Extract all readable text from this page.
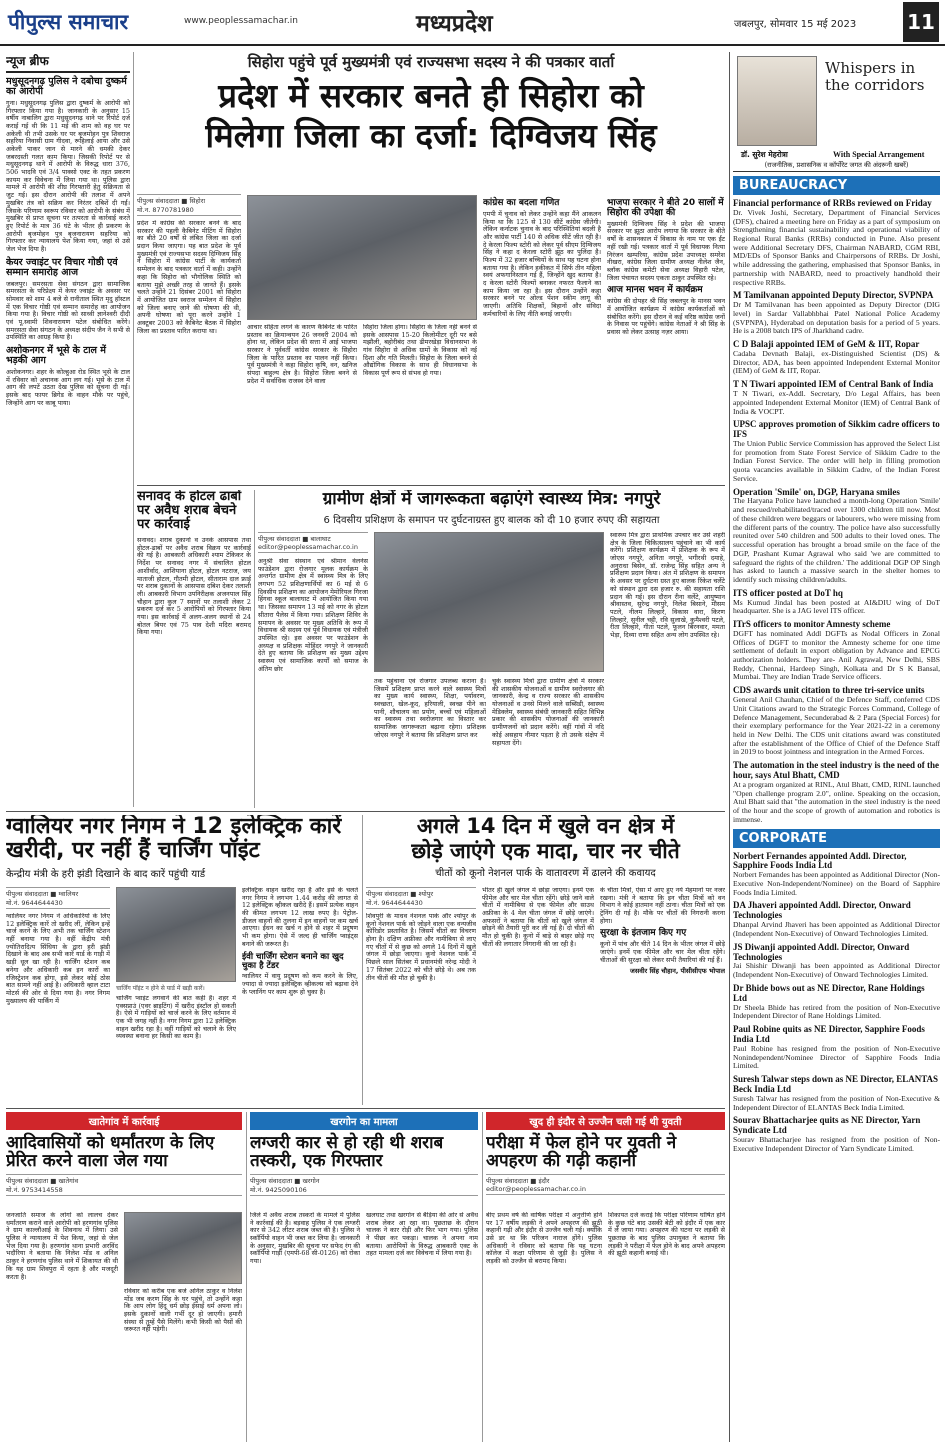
पीपुल्स समाचार	www.peoplessamachar.in	मध्यप्रदेश	जबलपुर, सोमवार 15 मई 2023	11
न्यूज ब्रीफ
मधुसूदनगढ़ पुलिस ने दबोचा दुष्कर्म का आरोपी
गुना। मधुसूदनगढ़ पुलिस द्वारा दुष्कर्म के आरोपी को गिरफ्तार किया गया है। जानकारी के अनुसार 15 वर्षीय नाबालिग द्वारा मधुसूदनगढ़ थाने पर रिपोर्ट दर्ज कराई गई थी कि 11 मई की शाम को वह घर पर अकेली थी तभी उसके घर पर बृजमोहन पुत्र शिवराज सहरिया निवासी ग्राम गीदवा, रूहिलाई आया और उसे अकेली पाकर जान से मारने की धमकी देकर जबरदस्ती गलत काम किया। जिसकी रिपोर्ट पर से मधुसूदनगढ़ थाने में आरोपी के विरुद्ध धारा 376, 506 भादवि एवं 3/4 पाक्सो एक्ट के तहत प्रकरण कायम कर विवेचना में लिया गया था। पुलिस द्वारा मामले में आरोपी की शीघ्र गिरफ्तारी हेतु सक्रियता से जुट गई। इस दौरान आरोपी की तलाश में अपने मुखबिर तंत्र को सक्रिय कर निरंतर दबिशें दी गईं। जिसके परिणाम स्वरूप रविवार को आरोपी के संबंध में मुखबिर से प्राप्त सूचना पर तत्परता से कार्रवाई करते हुए रिपोर्ट के मात्र 36 घंटे के भीतर ही प्रकरण के आरोपी बृजमोहन पुत्र बृजनारायण सहरिया को गिरफ्तार कर न्यायालय पेश किया गया, जहां से उसे जेल भेज दिया है।
केयर ज्वाइंट पर विचार गोष्ठी एवं सम्मान समारोह आज
जबलपुर। समरसता सेवा संगठन द्वारा सामाजिक समरसता के परिप्रेक्ष्य में केयर ज्वाइंट के अवसर पर सोमवार को शाम 4 बजे से रानीताल स्थित मृदु हॉस्टल में एक विचार गोष्ठी एवं सम्मान समारोह का आयोजन किया गया है। विचार गोष्ठी को साध्वी ज्ञानेश्वरी दीदी एवं पू.स्वामी शिवनारायण पटेल संबोधित करेंगे। समरसता सेवा संगठन के अध्यक्ष संदीप जैन ने सभी से उपस्थिति का आग्रह किया है।
अशोकनगर में भूसे के टाल में भड़की आग
अशोकनगर। शहर के कोल्हुआ रोड स्थित भूसे के टाल में रविवार को अचानक आग लग गई। भूसे के टाल में आग की लपटें उठता देख पुलिस को सूचना दी गई। इसके बाद फायर ब्रिगेड के वाहन मौके पर पहुंचे, जिन्होंने आग पर काबू पाया।
सिहोरा पहुंचे पूर्व मुख्यमंत्री एवं राज्यसभा सदस्य ने की पत्रकार वार्ता
प्रदेश में सरकार बनते ही सिहोरा को
मिलेगा जिला का दर्जा: दिग्विजय सिंह
पीपुल्स संवाददाता ■ सिहोरा
मो.न. 8770781980
प्रदेश में कांग्रेस की सरकार बनने के बाद सरकार की पहली कैबिनेट मीटिंग में सिहोरा का बीते 20 वर्षों से लंबित जिला का दर्जा प्रदान किया जाएगा। यह बात प्रदेश के पूर्व मुख्यमंत्री एवं राज्यसभा सदस्य दिग्विजय सिंह ने सिहोरा में कांग्रेस पार्टी के कार्यकर्ता सम्मेलन के बाद पत्रकार वार्ता में कही। उन्होंने कहा कि सिहोरा को भौगोलिक स्थिति को बताया मुझे अच्छी तरह से जानते हैं। इसके चलते उन्होंने 21 दिसंबर 2001 को सिहोरा में आयोजित ग्राम स्वराज सम्मेलन में सिहोरा को जिला बनाए जाने की घोषणा की थी, अपनी घोषणा को पूरा करने उन्होंने 1 अक्टूबर 2003 को कैबिनेट बैठक में सिहोरा जिला का प्रस्ताव पारित कराया था।	आचार संहिता लगने के कारण कैबिनेट के पारित प्रस्ताव का क्रियान्वयन 26 जनवरी 2004 को होना था, लेकिन प्रदेश की सत्ता में आई भाजपा सरकार ने पूर्ववर्ती कांग्रेस सरकार के सिहोरा जिला के पारित प्रस्ताव का पालन नहीं किया। पूर्व मुख्यमंत्री ने कहा सिहोरा कृषि, वन, खनिज संपदा बाहुल्य क्षेत्र है। सिहोरा जिला बनने से प्रदेश में सर्वाधिक राजस्व देने वाला
सिहोरा जिला होगा। सिहोरा के जिला नहीं बनने से इसके आसपास 15-20 किलोमीटर दूरी पर बसे मझौली, बहोरीबंद तथा ढीमरखेड़ा विधानसभा के गांव सिहोरा से अधिक ग्रामों के विकास को नई दिशा और गति मिलती। सिहोरा के जिला बनने से औद्योगिक विकास के साथ ही विधानसभा के विकास पूर्ण रूप से संभव हो गया।
कांग्रेस का बदला गणित
एमपी में चुनाव को लेकर उन्होंने कहा मैंने आकलन किया था कि 125 से 130 सीटें कांग्रेस जीतेगी। लेकिन कर्नाटक चुनाव के बाद परिस्थितियां बदली है और कांग्रेस पार्टी 140 से अधिक सीटें जीत रही है। दे केरला फिल्म स्टोरी को लेकर पूर्व सीएम दिग्विजय सिंह ने कहा द केरला स्टोरी झूठ का पुलिंदा है। फिल्म में 32 हजार बच्चियों के साथ यह घटना होना बताया गया है। लेकिन हकीकत में सिर्फ तीन महिला स्वयं अफगानिस्तान गई हैं, जिन्होंने खुद बताया है। द केरला स्टोरी फिल्मों बनाकर नफरत फैलाने का काम किया जा रहा है। इस दौरान उन्होंने कहा सरकार बनने पर ओल्ड पेंशन स्कीम लागू की जाएगी। अतिथि शिक्षकों, बिहानों और संविदा कर्मचारियों के लिए नीति बनाई जाएगी।
भाजपा सरकार ने बीते 20 सालों में सिहोरा की उपेक्षा की
मुख्यमंत्री दिग्विजय सिंह ने प्रदेश की भाजपा सरकार पर झूठा आरोप लगाया कि सरकार के बीते वर्षों के शासनकाल में विकास के नाम पर एक ईंट नहीं रखी गई। पत्रकार वार्ता में पूर्व विधायक नित्या निरंजन खम्परिया, कांग्रेस प्रदेश उपाध्यक्ष समरेश नीखरा, कांग्रेस जिला ग्रामीण अध्यक्ष नीलेश जैन, ब्लॉक कांग्रेस कमेटी सेवा अध्यक्ष विहारी पटेल, जिला पंचायत सदस्य एकता ठाकुर उपस्थित रहे।
आज मानस भवन में कार्यक्रम
कांग्रेस की दोपहर श्री सिंह जबलपुर के मानस भवन में आयोजित कार्यक्रम में कांग्रेस कार्यकर्ताओं को संबोधित करेंगे। इस दौरान वे कई वरिष्ठ कांग्रेस जनों के निवास पर पहुंचेंगे। कांग्रेस नेताओं ने श्री सिंह के प्रवास को लेकर उत्साह नज़र आया।
सनावद के होटल ढाबों पर अवैध शराब बेचने पर कार्रवाई
सनावद। शराब दुकानों व उनके आसपास तथा होटल-ढाबों पर अवैध शराब विक्रय पर कार्रवाई की गई है। आबकारी अधिकारी श्याम टेकिकर के निर्देश पर सनावद नगर में संचालित होटल आशीर्वाद, आशियाना होटल, होटल नटराज, जय माताजी होटल, गौतमी होटल, सीताराम दाल फ्राई पर शराब दुकानों के आसपास दबिश देकर तलाशी ली। आबकारी विभाग उपनिरीक्षक अजनपाल सिंह चौहान द्वारा कुल 7 स्थानों पर तलाशी लेकर 2 प्रकरण दर्ज कर 5 आरोपियों को गिरफ्तार किया गया। इस कार्रवाई में अलग-अलग स्थानों से 24 बोतल बियर एवं 75 पाव देशी मदिरा बरामद किया गया।
ग्रामीण क्षेत्रों में जागरूकता बढ़ाएंगे स्वास्थ्य मित्र: नगपुरे
6 दिवसीय प्रशिक्षण के समापन पर दुर्घटनाग्रस्त हुए बालक को दी 10 हजार रुपए की सहायता
पीपुल्स संवाददाता ■ बालाघाट
editor@peoplessamachar.co.in
अनुश्री सेवा संस्थान एवं श्रीमान वेलनेस फाउंडेशन द्वारा रोजगार मूलक कार्यक्रम के अन्तर्गत ग्रामीण क्षेत्र में स्वास्थ्य मित्र के लिए लगभग 52 प्रशिक्षणार्थियों का 6 मई से 6 दिवसीय प्रशिक्षण का आयोजन मेमोरियल गिरजा हिंगवा स्कूल बालाघाट में आयोजित किया गया था। जिसका समापन 13 मई को नगर के होटल सीतारा पैलेस में किया गया। प्रशिक्षण शिविर के समापन के अवसर पर मुख्य अतिथि के रूप में विधायक श्री सदस्य एवं पूर्व विधायक एवं मंत्रीजी उपस्थित रहे। इस अवसर पर फाउंडेशन के अध्यक्ष व प्रशिक्षक मोहिंदर नगपुरे ने जानकारी देते हुए बताया कि प्रशिक्षण का मुख्य उद्देश्य स्वास्थ्य एवं सामाजिक कार्यों को समाज के अंतिम छोर
तक पहुंचाना एवं रोजगार उपलब्ध कराना है। जिसमें प्रशिक्षण प्राप्त करने वाले स्वास्थ्य मित्रों का मुख्य कार्य स्वास्थ्य, शिक्षा, पर्यावरण, स्वच्छता, खेल-कूद, हरियाली, स्वच्छ पीने का पानी, शौचालय का प्रयोग, बच्चों एवं महिलाओं का स्वास्थ्य तथा स्वरोजगार का विस्तार कर सामाजिक जागरूकता बढ़ाना रहेगा। प्रशिक्षक जोएस नगपुरे ने बताया कि प्रशिक्षण प्राप्त कर
चुके स्वास्थ्य मित्रों द्वारा ग्रामीण क्षेत्रों में सरकार की शासकीय योजनाओं व ग्रामीण स्वरोजगार की जानकारी, केन्द्र व राज्य सरकार की शासकीय योजनाओं व उनसे मिलने वाले सब्सिडी, स्वास्थ्य मेडिक्लेम, स्वास्थ्य संबंधी जानकारी सहित विभिन्न प्रकार की शासकीय योजनाओं की जानकारी ग्रामीणजनों को प्रदान करेंगे। वहीं गांवों में नदि कोई असहाय नीमार पड़ता है तो उसके संक्षेप में सहायता देंगे।
स्वास्थ्य मित्र द्वारा प्राथमिक उपचार कर उसे शहरी क्षेत्र के जिला चिकित्सालय पहुंचाने का भी कार्य करेंगे। प्रशिक्षण कार्यक्रम में प्रशिक्षक के रूप में जोएस नगपुरे, अनिता नगपुरे, भगीरथी दमाहे, अनुराधा बिसेन, डॉ. राजेन्द्र सिंह सहित अन्य ने प्रशिक्षण प्रदान किया। अंत में प्रशिक्षण के समापन के अवसर पर दुर्घटना ग्रस्त हुए बालक रिंकेश चर्लेटे को संस्थान द्वारा दस हजार रु. की सहायता राशि प्रदान की गई। इस दौरान रीना वर्लेटे, आयुष्मान श्रीवास्तव, सुरेन्द्र नगपुरे, निलेश बिसाने, मौसम पटले, नीलम लिल्हारे, विकास वारा, किरण लिल्हारे, सुनील चट्टी, रवि सुलाखे, कुमैश्वरी पटले, रीता लिल्हारे, गीता पटले, फूलन बिरनवार, ममता भेड़ा, दिव्या राणा सहित अन्य लोग उपस्थित रहे।
ग्वालियर नगर निगम ने 12 इलेक्ट्रिक कारें खरीदी, पर नहीं हैं चार्जिंग पॉइंट
केन्द्रीय मंत्री के हरी झंडी दिखाने के बाद कारें पहुंची यार्ड
पीपुल्स संवाददाता ■ ग्वालियर
मो.नं. 9644644430
ग्वालियर नगर निगम ने अधिकारियों के लिए 12 इलेक्ट्रिक कारें तो खरीद लीं, लेकिन इन्हें चार्ज करने के लिए अभी तक चार्जिंग स्टेशन नहीं बनाया गया है। वहीं केंद्रीय मंत्री ज्योतिरादित्य सिंधिया के द्वारा हरी झंडी दिखाने के बाद अब सभी कारें यार्ड के गाड़ी में खड़ी धूल खा रही है। चार्जिंग स्टेशन कब बनेगा और अधिकारी कब इन कारों का रजिस्ट्रेशन कब होगा, इसे लेकर कोई ठोस बात सामने नहीं आई है। अधिकारी व्हाल टाटा मोटर्स की ओर से दिया गया है। नगर निगम मुख्यालय की पार्किंग में
चार्जिंग पॉइंट न होने से यार्ड में खड़ी कारें।
चार्जिंग प्वाइंट लगवाने की बात कही है। शहर में एक्सप्राउं (एवर ब्राइटिंग) में खरीद इंस्टॉल हो सकती है। ऐसे में गाड़ियों को चार्ज करने के लिए वर्तमान में एक भी जगह नहीं है। नगर निगम द्वारा 12 इलेक्ट्रिक वाहन खरीद रहा है। वहीं गाड़ियों को चलाने के लिए व्यवस्था बनाना हर किसी का काम है।
इलेक्ट्रिक वाहन खरीद रहा है और इसे के चलते नगर निगम ने लगभग 1.44 करोड़ की लागत से 12 इलेक्ट्रिक व्हीकल खरीदे हैं। इसमें प्रत्येक वाहन की कीमत लगभग 12 लाख रुपए है। पेट्रोल-डीजल वाहनों की तुलना में इन वाहनों पर कम खर्च आएगा। ईंधन का खर्च न होने से शहर में प्रदूषण भी कम होगा। ऐसे में जल्द ही चार्जिंग प्वाइंट्स बनाने की जरूरत है।
ईवी चार्जिंग स्टेशन बनाने का खुद चुका है टेंडर
ग्वालियर में वायु प्रदूषण को कम करने के लिए, ज्यादा से ज्यादा इलेक्ट्रिक व्हीकल्स को बढ़ावा देने के प्लानिंग पर काम शुरू हो चुका है।
अगले 14 दिन में खुले वन क्षेत्र में
छोड़े जाएंगे एक मादा, चार नर चीते
चीतों को कूनो नेशनल पार्क के वातावरण में ढालने की कवायद
पीपुल्स संवाददाता ■ श्योपुर
मो.नं. 9644644430
शिवपुरी के माधव नेशनल पार्क और श्योपुर के कूनो नेशनल पार्क को जोड़ने वाला एक वन्यजीव कॉरिडोर प्रस्तावित है। जिसमें चीतों का विचरण होना है। दक्षिण अफ्रीका और नामीबिया से लाए गए चीतों में से कुछ को अगले 14 दिनों में खुले जंगल में छोड़ा जाएगा। कूनो नेशनल पार्क में पिछले साल सितंबर में प्रधानमंत्री नरेन्द्र मोदी ने 17 सितंबर 2022 को चीते छोड़े थे। अब तक तीन चीतों की मौत हो चुकी है।
भीतर ही खुले जंगल में छोड़ा जाएगा। इनमें एक फीमेल और चार मेल चीता रहेंगे। छोड़े जाने वाले चीतों में नामीबिया से एक फीमेल और साउथ अफ्रीका के 4 मेल चीता जंगल में छोड़े जाएंगे। अफसरों ने बताया कि चीतों को खुले जंगल में छोड़ने की तैयारी पूरी कर ली गई है। दो चीतों की मौत हो चुकी है। कूनो में बाड़े से बाहर छोड़े गए चीतों की लगातार निगरानी की जा रही है।
के चीता मित्रों, ऐसा में आए हुए नये मेहमानों पर नजर रखना। मंत्री ने बताया कि इन चीता मित्रों को वन विभाग ने कोई हातमान नहीं ठाना। चीता मित्रों को एक ट्रेनिंग दी गई है। मौके पर चीतों की निगरानी करना होगा।
सुरक्षा के इंतजाम किए गए
कूनो में पांच और चीते 14 दिन के भीतर जंगल में छोड़े जाएंगे। इनमें एक फीमेल और चार मेल चीता रहेंगे। चीताओं की सुरक्षा को लेकर सभी तैयारियां की गई हैं।
जसवीर सिंह चौहान, पीसीसीएफ भोपाल
खातेगांव में कार्रवाई
आदिवासियों को धर्मांतरण के लिए प्रेरित करने वाला जेल गया
पीपुल्स संवाददाता ■ खातेगांव
मो.नं. 9753414558
जनजाति समाज के लोगों को लालच देकर धर्मांतरण कराने वाले आरोपी को हरणगांव पुलिस ने ग्राम काल्लौआई के शिवनाथ में लिया। उसे पुलिस ने न्यायालय में पेश किया, जहां से जेल भेज दिया गया है। हरणगांव थाना प्रभारी अरविंद भदौरिया ने बताया कि निलेश मोंड व अनिल ठाकुर ने हरणगांव पुलिस थाने में शिकायत की थी कि यह ग्राम शिवपुरा में रहता है और मजदूरी करता है।
रविवार को करीब एक बजे अनिल ठाकुर व निलेश मोंड जब करण सिंह के घर पहुंचे, तो उन्होंने कहा कि आप लोग हिंदू धर्म छोड़ ईसाई धर्म अपना लो। इसके दुकानों वाली गर्भी दूर हो जाएगी। हमारी संस्था से तुम्हें पैसे मिलेंगे। कभी किसी को पैसों की जरूरत नहीं पड़ेगी।
खरगोन का मामला
लग्जरी कार से हो रही थी शराब तस्करी, एक गिरफ्तार
पीपुल्स संवाददाता ■ खरगोन
मो.नं. 9425090106
जिले में अवैध शराब तस्करों के मामले में पुलिस ने कार्रवाई की है। बड़वाह पुलिस ने एक लग्जरी कार से 342 लीटर शराब जब्त की है। पुलिस ने स्कॉर्पियो वाहन भी जब्त कर लिया है। जानकारी के अनुसार, मुखबिर की सूचना पर सफेद रंग की स्कॉर्पियो गाड़ी (एमपी-68 सी-0126) को रोका गया।
खलघाट तथा खरगोन से बैड़िया की ओर से अवैध शराब लेकर आ रहा था। पूछताछ के दौरान चालक ने कार रोड़ी और फिर भाग गया। पुलिस ने पीछा कर पकड़ा। चालक ने अपना नाम बताया। आरोपियों के विरुद्ध आबकारी एक्ट के तहत मामला दर्ज कर विवेचना में लिया गया है।
खुद ही इंदौर से उज्जैन चली गई थी युवती
परीक्षा में फेल होने पर युवती ने अपहरण की गढ़ी कहानी
पीपुल्स संवाददाता ■ इंदौर
editor@peoplessamachar.co.in
बीए प्रथम वर्ष की वार्षिक परीक्षा में अनुत्तीर्ण होने पर 17 वर्षीय लड़की ने अपने अपहरण की झूठी कहानी गढ़ी और इंदौर से उज्जैन चली गई। क्योंकि उसे डर था कि परिजन नाराज होंगे। पुलिस अधिकारी ने रविवार को बताया कि यह घटना कॉलेज में कक्षा परिणाम से जुड़ी है। पुलिस ने लड़की को उज्जैन से बरामद किया।
शिकायत दर्ज कराई कि परीक्षा परिणाम घोषित होने के कुछ घंटे बाद उसकी बेटी को इंदौर में एक कार में ले जाया गया। अपहरण की घटना पर लड़की से पूछताछ के बाद पुलिस उपायुक्त ने बताया कि लड़की ने परीक्षा में फेल होने के बाद अपने अपहरण की झूठी कहानी बनाई थी।
Whispers in the corridors
डॉ. सुरेश मेहरोत्रा	With Special Arrangement
(राजनीतिक, प्रशासनिक व कॉर्पोरेट जगत की अंदरूनी खबरें)
BUREAUCRACY
Financial performance of RRBs reviewed on Friday
Dr. Vivek Joshi, Secretary, Department of Financial Services (DFS), chaired a meeting here on Friday as a part of symposium on Strengthening financial sustainability and operational viability of Regional Rural Banks (RRBs) conducted in Pune. Also present were Additional Secretary DFS, Chairman NABARD, CGM RBI, MD/EDs of Sponsor Banks and Chairpersons of RRBs. Dr Joshi, while addressing the gathering, emphasised that Sponsor Banks, in partnership with NABARD, need to proactively handhold their respective RRBs.
M Tamilvanan appointed Deputy Director, SVPNPA
Dr M Tamilvanan has been appointed as Deputy Director (DIG level) in Sardar Vallabhbhai Patel National Police Academy (SVPNPA), Hyderabad on deputation basis for a period of 5 years. He is a 2008 batch IPS of Jharkhand cadre.
C D Balaji appointed IEM of GeM & IIT, Ropar
Cadaba Devnath Balaji, ex-Distinguished Scientist (DS) & Director, ADA, has been appointed Independent External Monitor (IEM) of GeM & IIT, Ropar.
T N Tiwari appointed IEM of Central Bank of India
T N Tiwari, ex-Addl. Secretary, D/o Legal Affairs, has been appointed Independent External Monitor (IEM) of Central Bank of India & VOCPT.
UPSC approves promotion of Sikkim cadre officers to IFS
The Union Public Service Commission has approved the Select List for promotion from State Forest Service of Sikkim Cadre to the Indian Forest Service. The order will help in filling promotion quota vacancies available in Sikkim Cadre, of the Indian Forest Service.
Operation 'Smile' on, DGP, Haryana smiles
The Haryana Police have launched a month-long Operation 'Smile' and rescued/rehabilitated/traced over 1300 children till now. Most of these children were beggars or labourers, who were missing from the different parts of the country. The police have also successfully reunited over 540 children and 500 adults to their loved ones. The successful operation has brought a broad smile on the face of the DGP, Prashant Kumar Agrawal who said 'we are committed to safeguard the rights of the children.' The additional DGP OP Singh has asked to launch a massive search in the shelter homes to identify such missing children/adults.
ITS officer posted at DoT hq
Ms Kumud Jindal has been posted at AI&DIU wing of DoT headquarter. She is a JAG level ITS officer.
ITrS officers to monitor Amnesty scheme
DGFT has nominated Addl DGFTs as Nodal Officers in Zonal Offices of DGFT to monitor the Amnesty scheme for one time settlement of default in export obligation by Advance and EPCG authorization holders. They are- Anil Agrawal, New Delhi, SBS Reddy, Chennai, Hardeep Singh, Kolkata and Dr S K Bansal, Mumbai. They are Indian Trade Service officers.
CDS awards unit citation to three tri-service units
General Anil Chauhan, Chief of the Defence Staff, conferred CDS Unit Citations award to the Strategic Forces Command, College of Defence Management, Secunderabad & 2 Para (Special Forces) for their exemplary performance for the Year 2021-22 in a ceremony held in New Delhi. The CDS unit citations award was constituted after the establishment of the Office of Chief of the Defence Staff in 2019 to boost jointness and integration in the Armed Forces.
The automation in the steel industry is the need of the hour, says Atul Bhatt, CMD
At a program organized at RINL, Atul Bhatt, CMD, RINL launched "Open challenge program 2.0", online. Speaking on the occasion, Atul Bhatt said that "the automation in the steel industry is the need of the hour and the scope of growth of automation and robotics is immense.
CORPORATE
Norbert Fernandes appointed Addl. Director, Sapphire Foods India Ltd
Norbert Fernandes has been appointed as Additional Director (Non-Executive Non-Independent/Nominee) on the Board of Sapphire Foods India Limited.
DA Jhaveri appointed Addl. Director, Onward Technologies
Dhanpal Arvind Jhaveri has been appointed as Additional Director (Independent Non-Executive) of Onward Technologies Limited.
JS Diwanji appointed Addl. Director, Onward Technologies
Jai Shishir Diwanji has been appointed as Additional Director (Independent Non-Executive) of Onward Technologies Limited.
Dr Bhide bows out as NE Director, Rane Holdings Ltd
Dr Sheela Bhide has retired from the position of Non-Executive Independent Director of Rane Holdings Limited.
Paul Robine quits as NE Director, Sapphire Foods India Ltd
Paul Robine has resigned from the position of Non-Executive Nonindependent/Nominee Director of Sapphire Foods India Limited.
Suresh Talwar steps down as NE Director, ELANTAS Beck India Ltd
Suresh Talwar has resigned from the position of Non-Executive & Independent Director of ELANTAS Beck India Limited.
Sourav Bhattacharjee quits as NE Director, Yarn Syndicate Ltd
Sourav Bhattacharjee has resigned from the position of Non-Executive Independent Director of Yarn Syndicate Limited.
